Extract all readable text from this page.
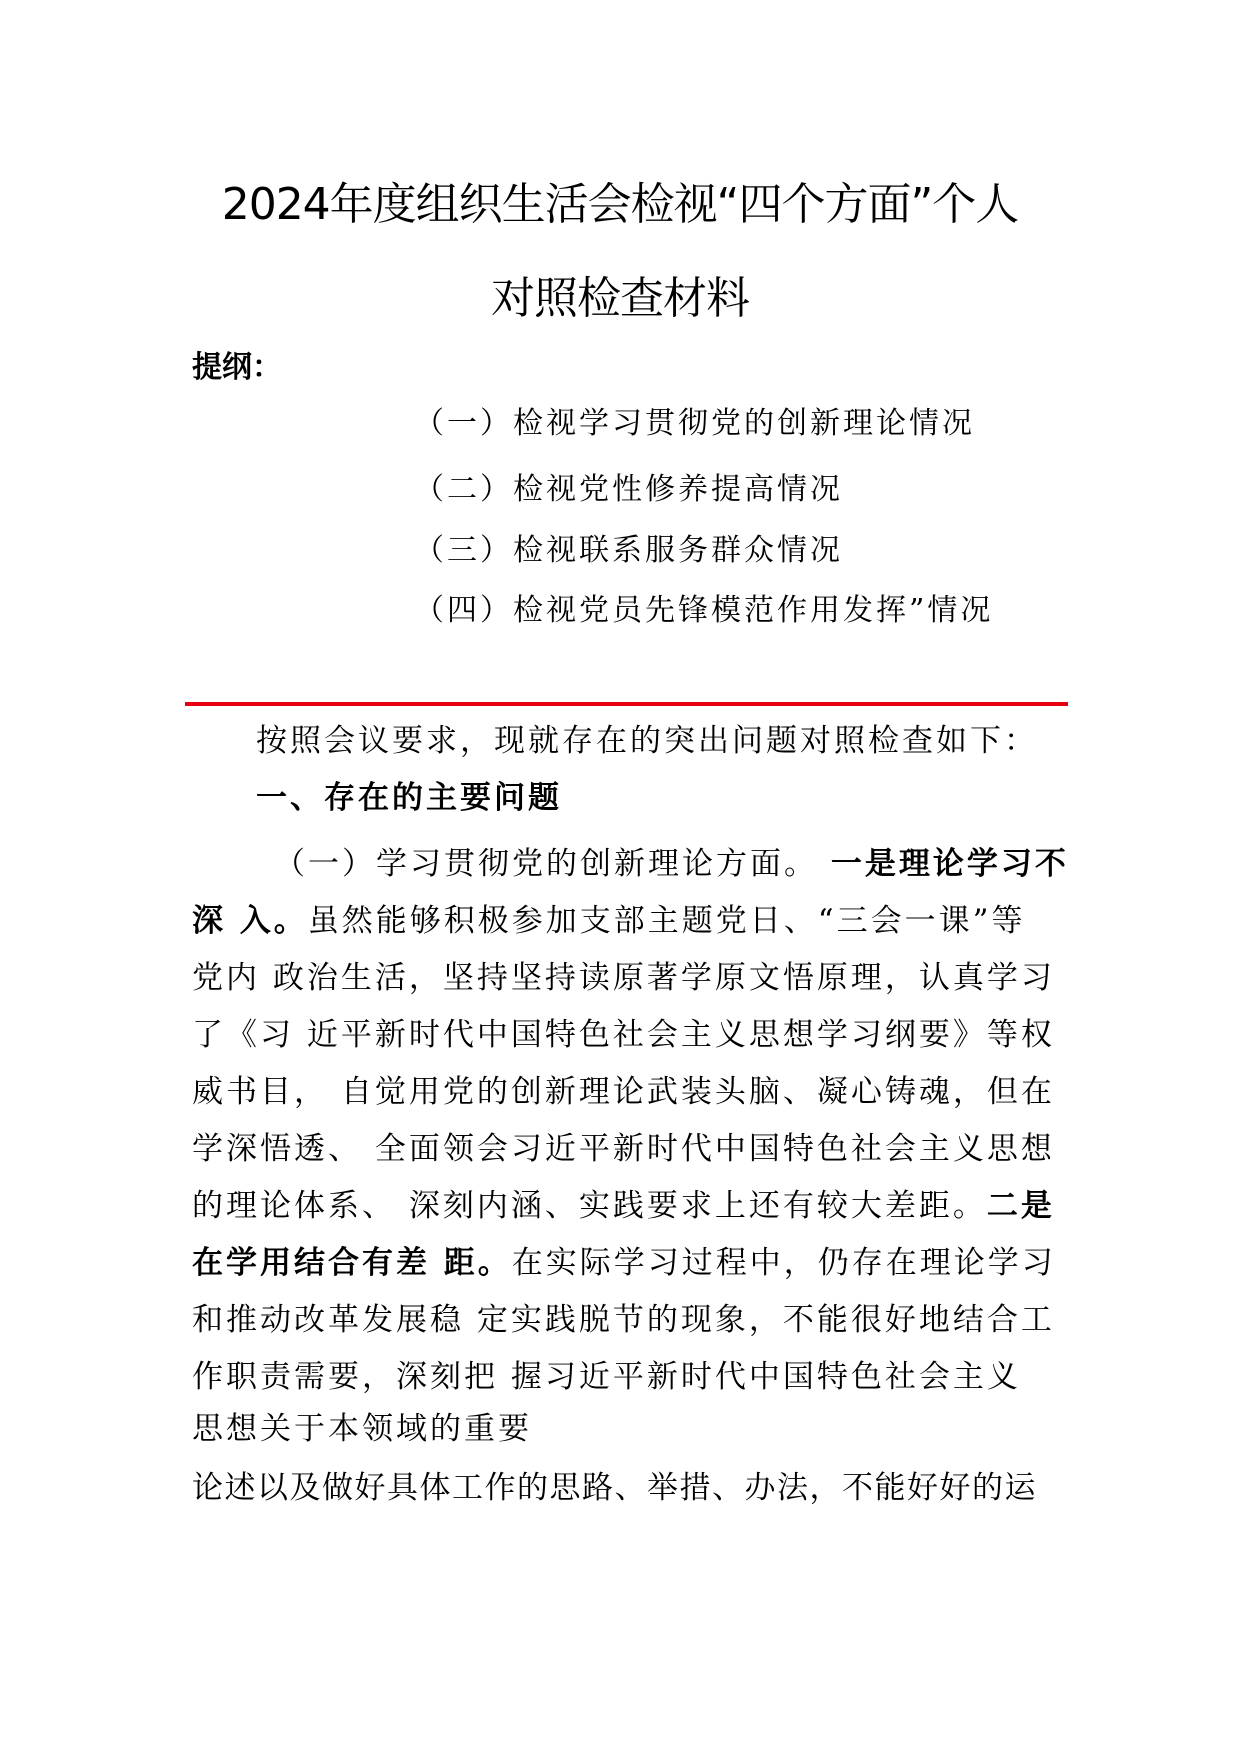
2024年度组织生活会检视“四个方面”个人
对照检查材料
提纲：
（一）检视学习贯彻党的创新理论情况
（二）检视党性修养提高情况
（三）检视联系服务群众情况
（四）检视党员先锋模范作用发挥”情况
按照会议要求，现就存在的突出问题对照检查如下：
一、存在的主要问题
（一）学习贯彻党的创新理论方面。 一是理论学习不
深 入。虽然能够积极参加支部主题党日、“三会一课”等
党内 政治生活，坚持坚持读原著学原文悟原理，认真学习
了《习 近平新时代中国特色社会主义思想学习纲要》等权
威书目， 自觉用党的创新理论武装头脑、凝心铸魂，但在
学深悟透、 全面领会习近平新时代中国特色社会主义思想
的理论体系、 深刻内涵、实践要求上还有较大差距。二是
在学用结合有差 距。在实际学习过程中，仍存在理论学习
和推动改革发展稳 定实践脱节的现象，不能很好地结合工
作职责需要，深刻把 握习近平新时代中国特色社会主义
思想关于本领域的重要
论述以及做好具体工作的思路、举措、办法，不能好好的运
